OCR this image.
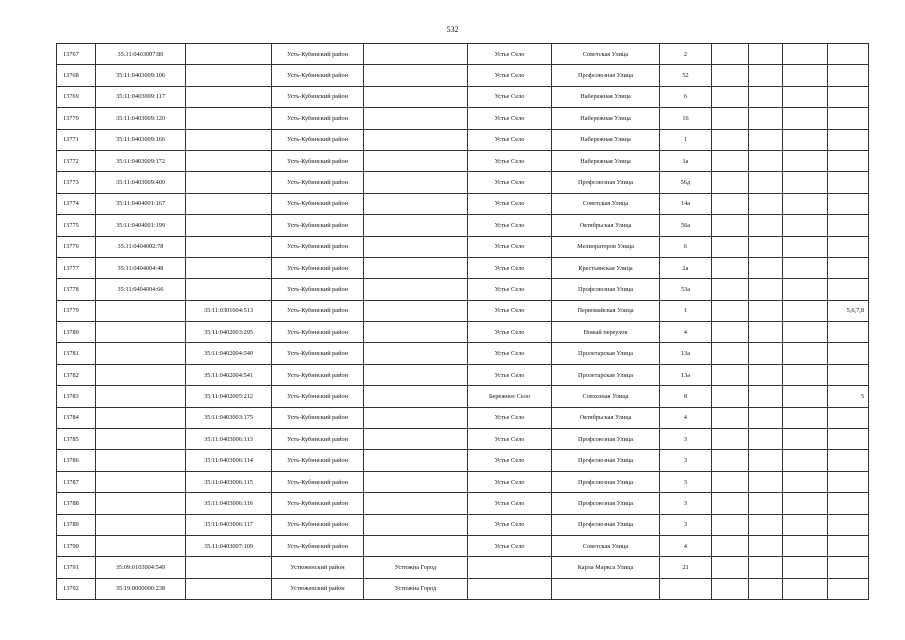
532
13767	35:11:0403007:80		Усть-Кубинский район		Устье Село	Советская Улица	2				
13768	35:11:0403009:106		Усть-Кубинский район		Устье Село	Профсоюзная Улица	52				
13769	35:11:0403009:117		Усть-Кубинский район		Устье Село	Набережная Улица	6				
13770	35:11:0403009:120		Усть-Кубинский район		Устье Село	Набережная Улица	16				
13771	35:11:0403009:166		Усть-Кубинский район		Устье Село	Набережная Улица	1				
13772	35:11:0403009:172		Усть-Кубинский район		Устье Село	Набережная Улица	1а				
13773	35:11:0403009:409		Усть-Кубинский район		Устье Село	Профсоюзная Улица	56д				
13774	35:11:0404001:167		Усть-Кубинский район		Устье Село	Советская Улица	14а				
13775	35:11:0404001:199		Усть-Кубинский район		Устье Село	Октябрьская Улица	56а				
13776	35:11:0404002:78		Усть-Кубинский район		Устье Село	Мелиораторов Улица	6				
13777	35:11:0404004:48		Усть-Кубинский район		Устье Село	Крестьянская Улица	2а				
13778	35:11:0404004:66		Усть-Кубинский район		Устье Село	Профсоюзная Улица	53а				
13779		35:11:0301004:513	Усть-Кубинский район		Устье Село	Первомайская Улица	1				5,6,7,8
13780		35:11:0402003:295	Усть-Кубинский район		Устье Село	Новый переулок	4				
13781		35:11:0402004:540	Усть-Кубинский район		Устье Село	Пролетарская Улица	13а				
13782		35:11:0402004:541	Усть-Кубинский район		Устье Село	Пролетарская Улица	13а				
13783		35:11:0402005:212	Усть-Кубинский район		Бережное Село	Совхозная Улица	8				5
13784		35:11:0403003:175	Усть-Кубинский район		Устье Село	Октябрьская Улица	4				
13785		35:11:0403006:113	Усть-Кубинский район		Устье Село	Профсоюзная Улица	3				
13786		35:11:0403006:114	Усть-Кубинский район		Устье Село	Профсоюзная Улица	3				
13787		35:11:0403006:115	Усть-Кубинский район		Устье Село	Профсоюзная Улица	3				
13788		35:11:0403006:116	Усть-Кубинский район		Устье Село	Профсоюзная Улица	3				
13789		35:11:0403006:117	Усть-Кубинский район		Устье Село	Профсоюзная Улица	3				
13790		35:11:0403007:109	Усть-Кубинский район		Устье Село	Советская Улица	4				
13791	35:09:0103004:549		Устюженский район	Устюжна Город		Карла Маркса Улица	21				
13792	35:19:0000000:238		Устюженский район	Устюжна Город							
